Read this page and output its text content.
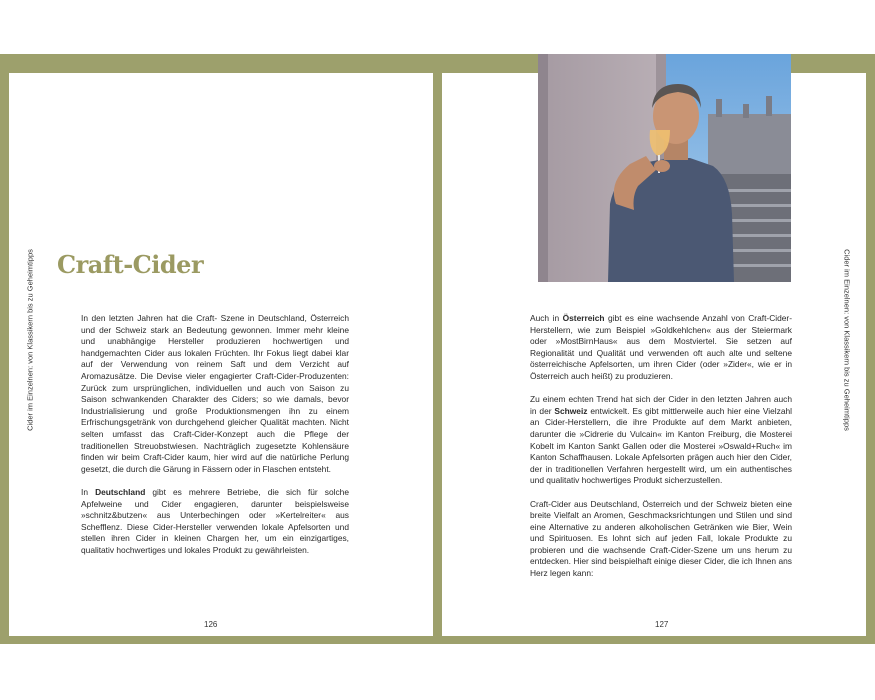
Cider im Einzelnen: von Klassikern bis zu Geheimtipps	Cider im Einzelnen: von Klassikern bis zu Geheimtipps
Craft-Cider

In den letzten Jahren hat die Craft- Szene in Deutschland, Österreich und der Schweiz stark an Bedeutung gewonnen. Immer mehr kleine und unabhängige Hersteller produzieren hochwertigen und handgemachten Cider aus lokalen Früchten. Ihr Fokus liegt dabei klar auf der Verwendung von reinem Saft und dem Verzicht auf Aromazusätze. Die Devise vieler engagierter Craft-Cider-Produzenten: Zurück zum ursprünglichen, individuellen und auch von Saison zu Saison schwankenden Charakter des Ciders; so wie damals, bevor Industrialisierung und große Produktionsmengen ihn zu einem Erfrischungsgetränk von durchgehend gleicher Qualität machten. Nicht selten umfasst das Craft-Cider-Konzept auch die Pflege der traditionellen Streuobstwiesen. Nachträglich zugesetzte Kohlensäure finden wir beim Craft-Cider kaum, hier wird auf die natürliche Perlung gesetzt, die durch die Gärung in Fässern oder in Flaschen entsteht.

In Deutschland gibt es mehrere Betriebe, die sich für solche Apfelweine und Cider engagieren, darunter beispielsweise »schnitz&butzen« aus Unterbechingen oder »Kertelreiter« aus Schefflenz. Diese Cider-Hersteller verwenden lokale Apfelsorten und stellen ihren Cider in kleinen Chargen her, um ein einzigartiges, qualitativ hochwertiges und lokales Produkt zu gewährleisten.

Auch in Österreich gibt es eine wachsende Anzahl von Craft-Cider-Herstellern, wie zum Beispiel »Goldkehlchen« aus der Steiermark oder »MostBirnHaus« aus dem Mostviertel. Sie setzen auf Regionalität und Qualität und verwenden oft auch alte und seltene österreichische Apfelsorten, um ihren Cider (oder »Zider«, wie er in Österreich auch heißt) zu produzieren.

Zu einem echten Trend hat sich der Cider in den letzten Jahren auch in der Schweiz entwickelt. Es gibt mittlerweile auch hier eine Vielzahl an Cider-Herstellern, die ihre Produkte auf dem Markt anbieten, darunter die »Cidrerie du Vulcain« im Kanton Freiburg, die Mosterei Kobelt im Kanton Sankt Gallen oder die Mosterei »Oswald+Ruch« im Kanton Schaffhausen. Lokale Apfelsorten prägen auch hier den Cider, der in traditionellen Verfahren hergestellt wird, um ein authentisches und qualitativ hochwertiges Produkt sicherzustellen.

Craft-Cider aus Deutschland, Österreich und der Schweiz bieten eine breite Vielfalt an Aromen, Geschmacksrichtungen und Stilen und sind eine Alternative zu anderen alkoholischen Getränken wie Bier, Wein und Spirituosen. Es lohnt sich auf jeden Fall, lokale Produkte zu probieren und die wachsende Craft-Cider-Szene um uns herum zu entdecken. Hier sind beispielhaft einige dieser Cider, die ich Ihnen ans Herz legen kann:

126	127
